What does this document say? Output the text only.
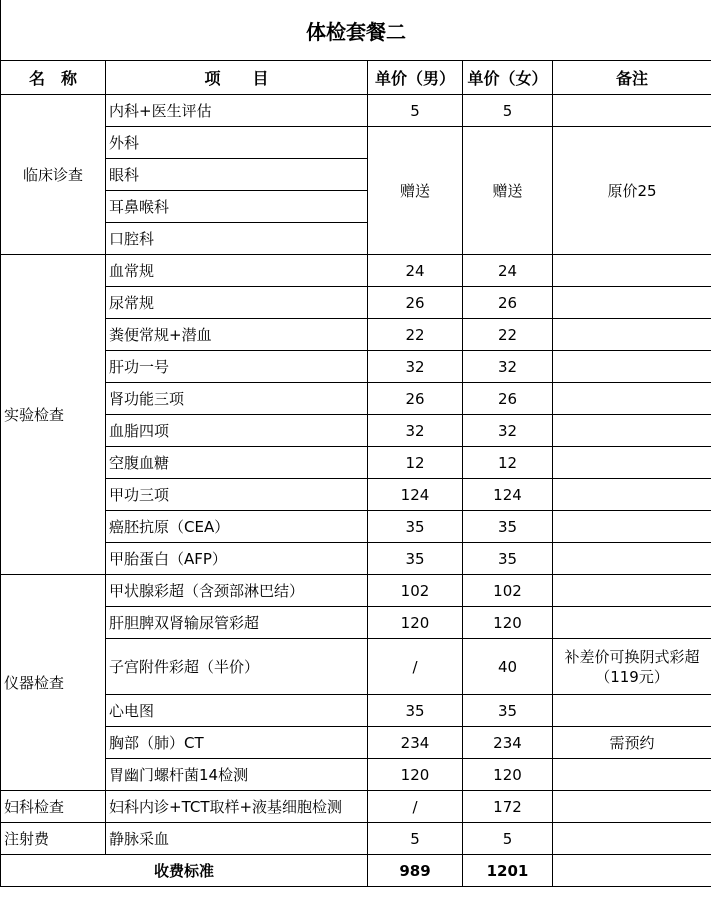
体检套餐二				
名　称	项　　目	单价（男）	单价（女）	备注
临床诊查	内科+医生评估	5	5	
	外科	赠送	赠送	原价25
	眼科			
	耳鼻喉科			
	口腔科			
实验检查	血常规	24	24	
	尿常规	26	26	
	粪便常规+潜血	22	22	
	肝功一号	32	32	
	肾功能三项	26	26	
	血脂四项	32	32	
	空腹血糖	12	12	
	甲功三项	124	124	
	癌胚抗原（CEA）	35	35	
	甲胎蛋白（AFP）	35	35	
仪器检查	甲状腺彩超（含颈部淋巴结）	102	102	
	肝胆脾双肾输尿管彩超	120	120	
	子宫附件彩超（半价）	/	40	补差价可换阴式彩超（119元）
	心电图	35	35	
	胸部（肺）CT	234	234	需预约
	胃幽门螺杆菌14检测	120	120	
妇科检查	妇科内诊+TCT取样+液基细胞检测	/	172	
注射费	静脉采血	5	5	
收费标准		989	1201	
